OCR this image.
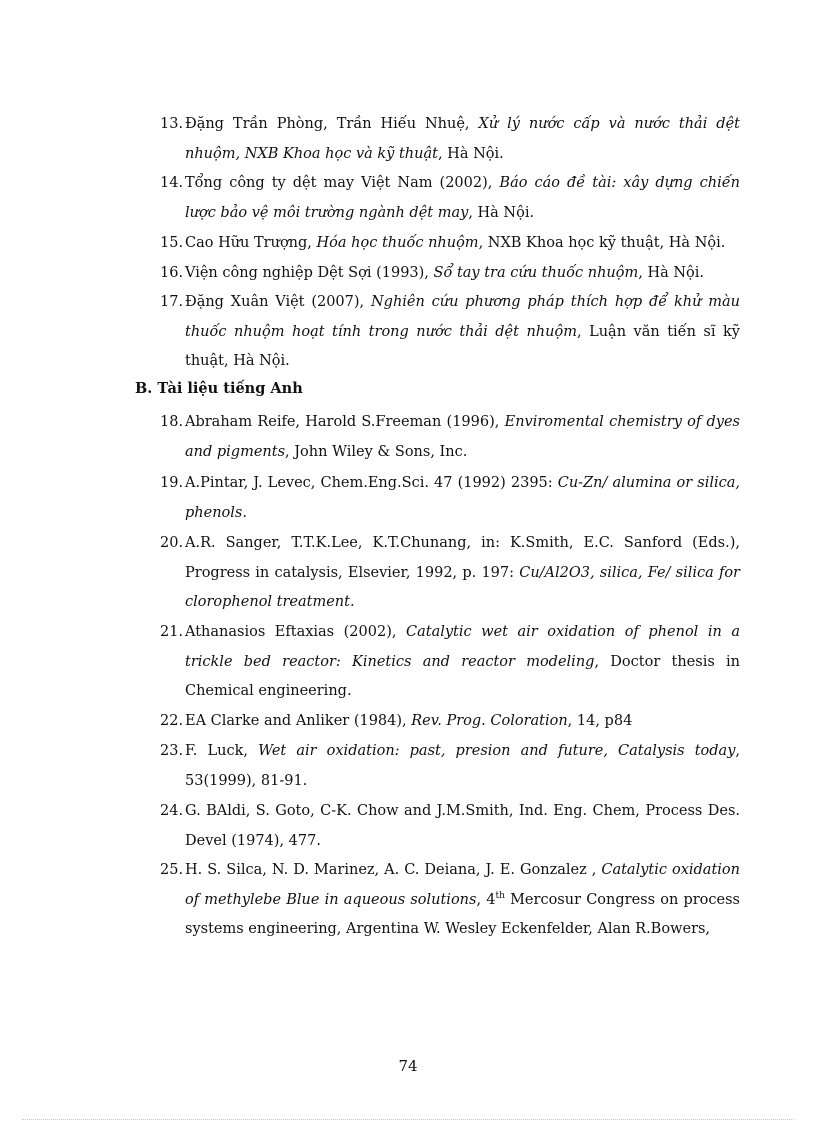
13. Đặng Trần Phòng, Trần Hiếu Nhuệ, Xử lý nước cấp và nước thải dệt nhuộm, NXB Khoa học và kỹ thuật, Hà Nội.
14. Tổng công ty dệt may Việt Nam (2002), Báo cáo đề tài: xây dựng chiến lược bảo vệ môi trường ngành dệt may, Hà Nội.
15. Cao Hữu Trượng, Hóa học thuốc nhuộm, NXB Khoa học kỹ thuật, Hà Nội.
16. Viện công nghiệp Dệt Sợi (1993), Sổ tay tra cứu thuốc nhuộm, Hà Nội.
17. Đặng Xuân Việt (2007), Nghiên cứu phương pháp thích hợp để khử màu thuốc nhuộm hoạt tính trong nước thải dệt nhuộm, Luận văn tiến sĩ kỹ thuật, Hà Nội.
B. Tài liệu tiếng Anh
18. Abraham Reife, Harold S.Freeman (1996), Enviromental chemistry of dyes and pigments, John Wiley & Sons, Inc.
19. A.Pintar, J. Levec, Chem.Eng.Sci. 47 (1992) 2395: Cu-Zn/ alumina or silica, phenols.
20. A.R. Sanger, T.T.K.Lee, K.T.Chunang, in: K.Smith, E.C. Sanford (Eds.), Progress in catalysis, Elsevier, 1992, p. 197: Cu/Al2O3, silica, Fe/ silica for clorophenol treatment.
21. Athanasios Eftaxias (2002), Catalytic wet air oxidation of phenol in a trickle bed reactor: Kinetics and reactor modeling, Doctor thesis in Chemical engineering.
22. EA Clarke and Anliker (1984), Rev. Prog. Coloration, 14, p84
23. F. Luck, Wet air oxidation: past, presion and future, Catalysis today, 53(1999), 81-91.
24. G. BAldi, S. Goto, C-K. Chow and J.M.Smith, Ind. Eng. Chem, Process Des. Devel (1974), 477.
25. H. S. Silca, N. D. Marinez, A. C. Deiana, J. E. Gonzalez , Catalytic oxidation of methylebe Blue in aqueous solutions, 4th Mercosur Congress on process systems engineering, Argentina W. Wesley Eckenfelder, Alan R.Bowers,
74
